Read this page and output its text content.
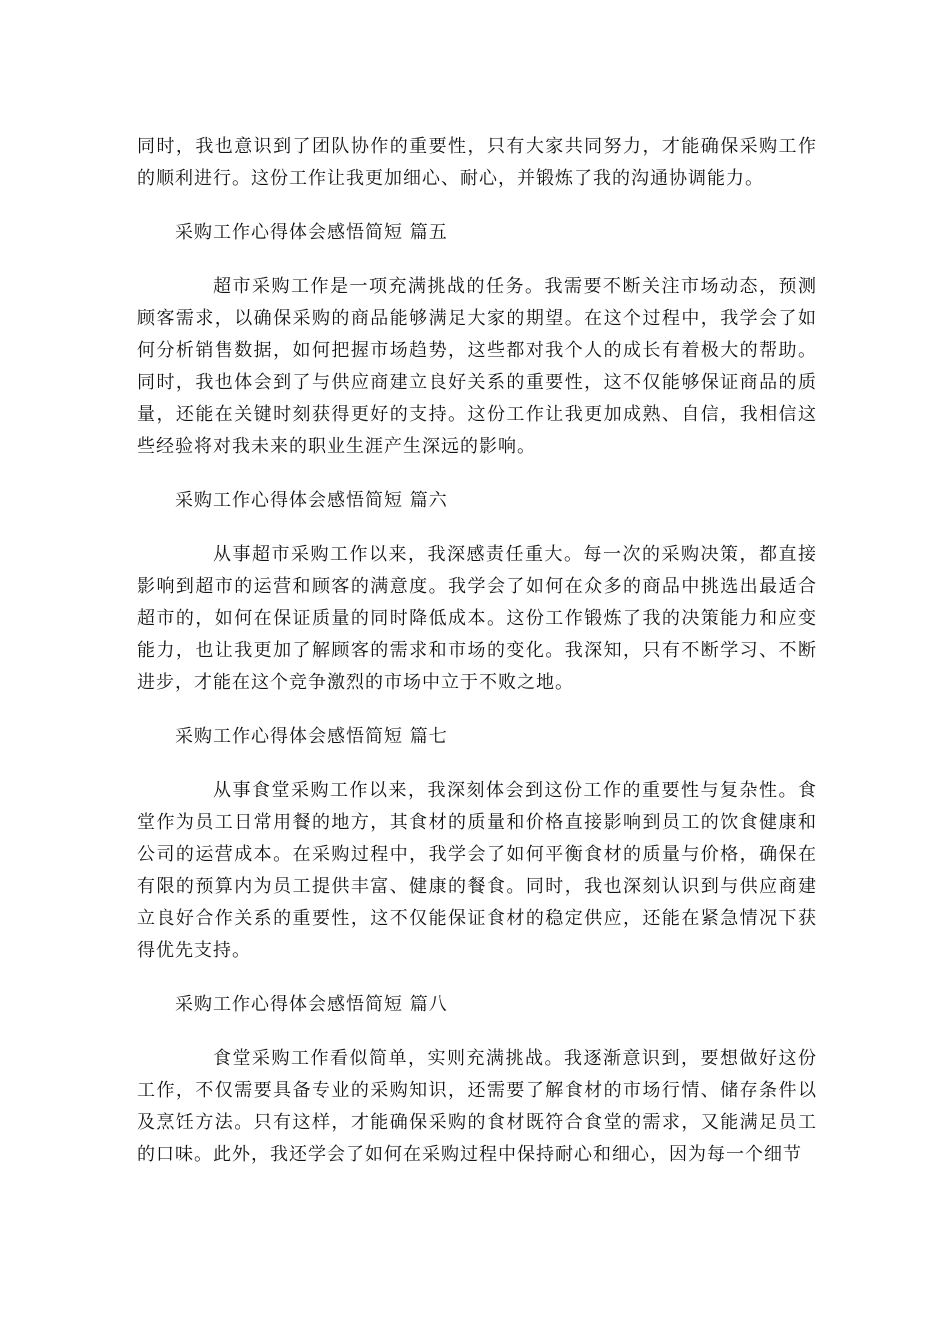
同时，我也意识到了团队协作的重要性，只有大家共同努力，才能确保采购工作的顺利进行。这份工作让我更加细心、耐心，并锻炼了我的沟通协调能力。

采购工作心得体会感悟简短 篇五

超市采购工作是一项充满挑战的任务。我需要不断关注市场动态，预测顾客需求，以确保采购的商品能够满足大家的期望。在这个过程中，我学会了如何分析销售数据，如何把握市场趋势，这些都对我个人的成长有着极大的帮助。同时，我也体会到了与供应商建立良好关系的重要性，这不仅能够保证商品的质量，还能在关键时刻获得更好的支持。这份工作让我更加成熟、自信，我相信这些经验将对我未来的职业生涯产生深远的影响。

采购工作心得体会感悟简短 篇六

从事超市采购工作以来，我深感责任重大。每一次的采购决策，都直接影响到超市的运营和顾客的满意度。我学会了如何在众多的商品中挑选出最适合超市的，如何在保证质量的同时降低成本。这份工作锻炼了我的决策能力和应变能力，也让我更加了解顾客的需求和市场的变化。我深知，只有不断学习、不断进步，才能在这个竞争激烈的市场中立于不败之地。

采购工作心得体会感悟简短 篇七

从事食堂采购工作以来，我深刻体会到这份工作的重要性与复杂性。食堂作为员工日常用餐的地方，其食材的质量和价格直接影响到员工的饮食健康和公司的运营成本。在采购过程中，我学会了如何平衡食材的质量与价格，确保在有限的预算内为员工提供丰富、健康的餐食。同时，我也深刻认识到与供应商建立良好合作关系的重要性，这不仅能保证食材的稳定供应，还能在紧急情况下获得优先支持。

采购工作心得体会感悟简短 篇八

食堂采购工作看似简单，实则充满挑战。我逐渐意识到，要想做好这份工作，不仅需要具备专业的采购知识，还需要了解食材的市场行情、储存条件以及烹饪方法。只有这样，才能确保采购的食材既符合食堂的需求，又能满足员工的口味。此外，我还学会了如何在采购过程中保持耐心和细心，因为每一个细节
